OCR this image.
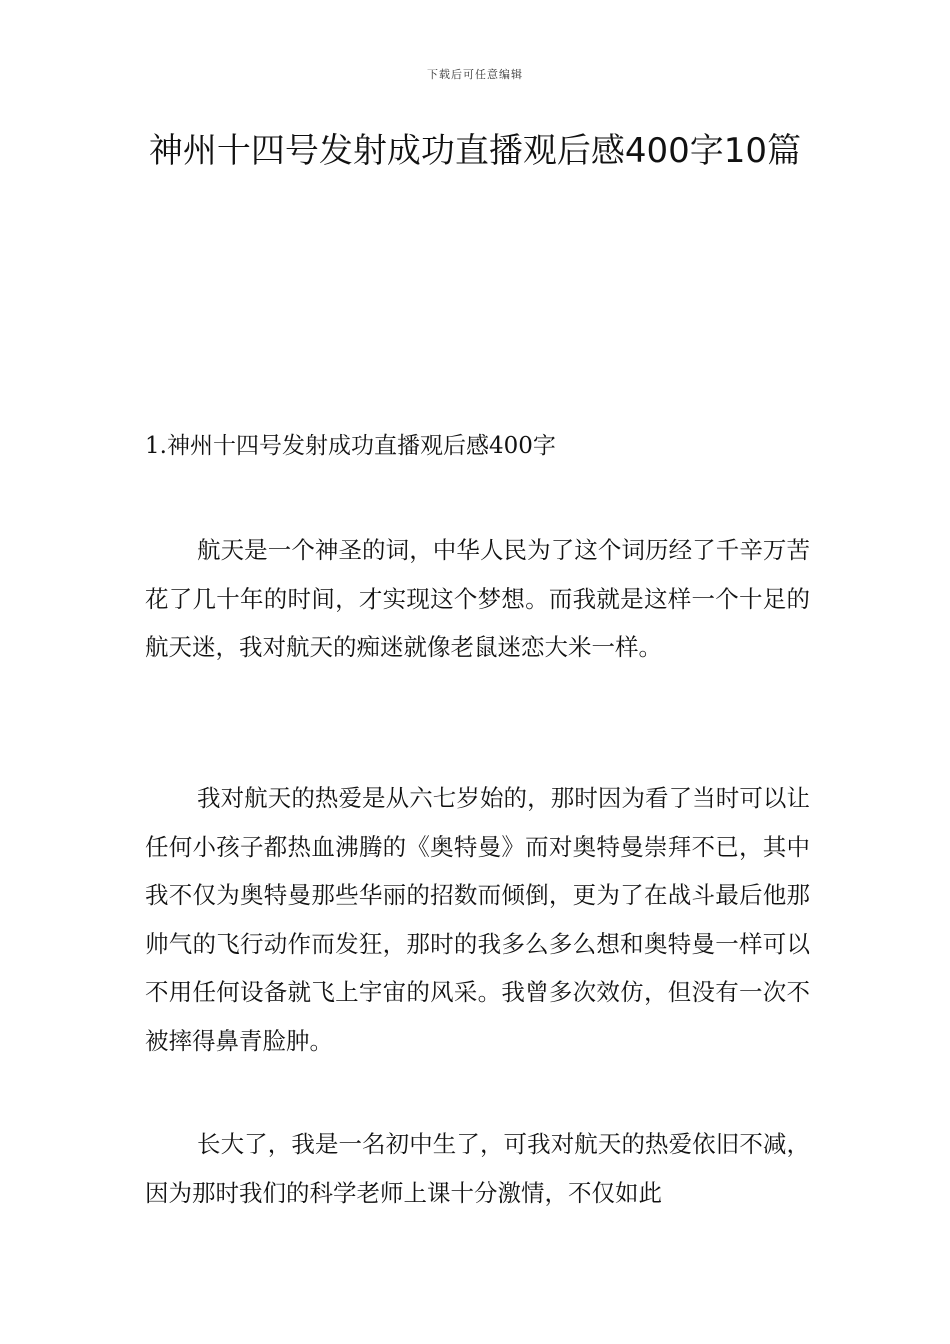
下载后可任意编辑
神州十四号发射成功直播观后感400字10篇
1.神州十四号发射成功直播观后感400字

航天是一个神圣的词，中华人民为了这个词历经了千辛万苦花了几十年的时间，才实现这个梦想。而我就是这样一个十足的航天迷，我对航天的痴迷就像老鼠迷恋大米一样。

我对航天的热爱是从六七岁始的，那时因为看了当时可以让任何小孩子都热血沸腾的《奥特曼》而对奥特曼崇拜不已，其中我不仅为奥特曼那些华丽的招数而倾倒，更为了在战斗最后他那帅气的飞行动作而发狂，那时的我多么多么想和奥特曼一样可以不用任何设备就飞上宇宙的风采。我曾多次效仿，但没有一次不被摔得鼻青脸肿。

长大了，我是一名初中生了，可我对航天的热爱依旧不减，因为那时我们的科学老师上课十分激情，不仅如此
